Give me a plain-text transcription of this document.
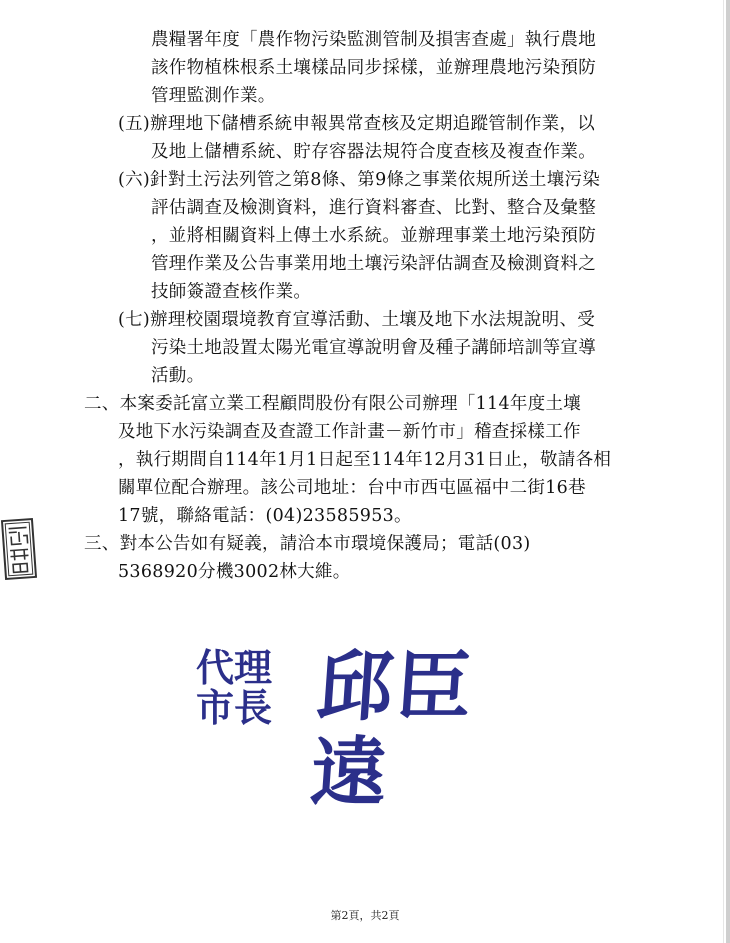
農糧署年度「農作物污染監測管制及損害查處」執行農地
該作物植株根系土壤樣品同步採樣，並辦理農地污染預防
管理監測作業。
(五)辦理地下儲槽系統申報異常查核及定期追蹤管制作業，以
及地上儲槽系統、貯存容器法規符合度查核及複查作業。
(六)針對土污法列管之第8條、第9條之事業依規所送土壤污染
評估調查及檢測資料，進行資料審查、比對、整合及彙整
，並將相關資料上傳土水系統。並辦理事業土地污染預防
管理作業及公告事業用地土壤污染評估調查及檢測資料之
技師簽證查核作業。
(七)辦理校園環境教育宣導活動、土壤及地下水法規說明、受
污染土地設置太陽光電宣導說明會及種子講師培訓等宣導
活動。
二、本案委託富立業工程顧問股份有限公司辦理「114年度土壤
及地下水污染調查及查證工作計畫－新竹市」稽查採樣工作
，執行期間自114年1月1日起至114年12月31日止，敬請各相
關單位配合辦理。該公司地址：台中市西屯區福中二街16巷
17號，聯絡電話：(04)23585953。
三、對本公告如有疑義，請洽本市環境保護局；電話(03)
5368920分機3002林大維。
代理
市長 邱臣遠
第2頁，共2頁
